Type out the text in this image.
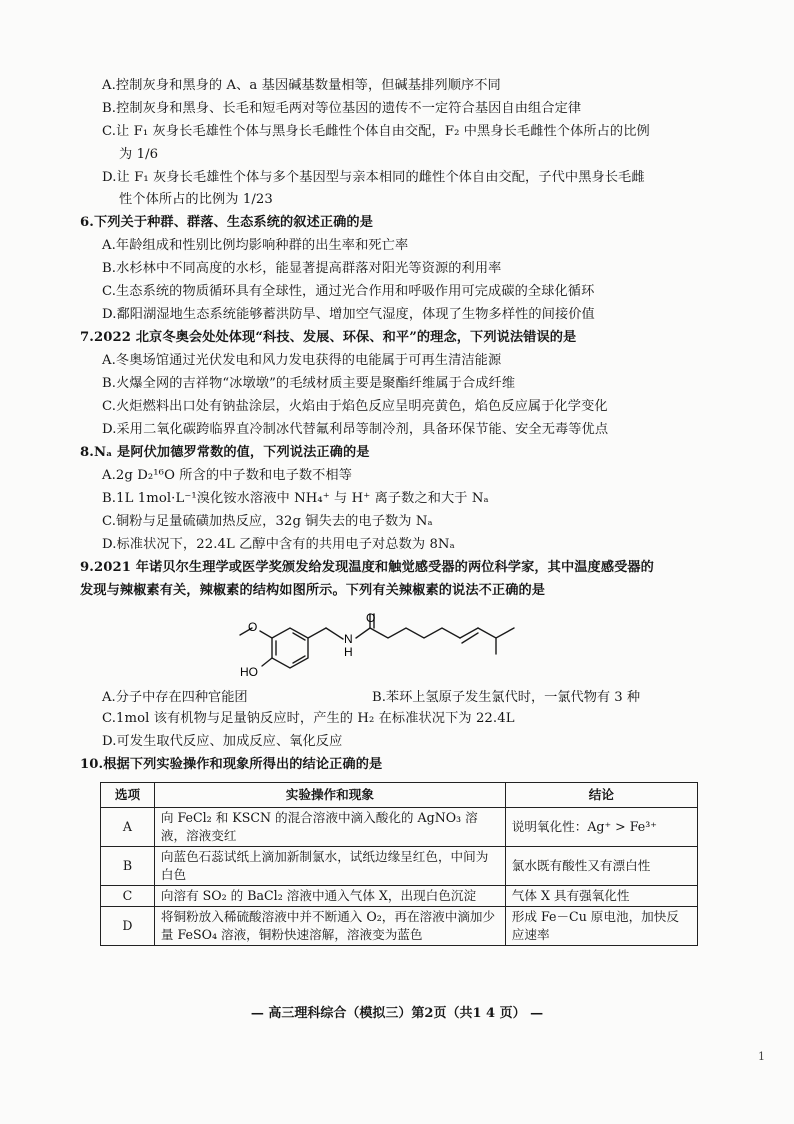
A.控制灰身和黑身的 A、a 基因碱基数量相等，但碱基排列顺序不同
B.控制灰身和黑身、长毛和短毛两对等位基因的遗传不一定符合基因自由组合定律
C.让 F₁ 灰身长毛雄性个体与黑身长毛雌性个体自由交配，F₂ 中黑身长毛雌性个体所占的比例
为 1/6
D.让 F₁ 灰身长毛雄性个体与多个基因型与亲本相同的雌性个体自由交配，子代中黑身长毛雌
性个体所占的比例为 1/23
6.下列关于种群、群落、生态系统的叙述正确的是
A.年龄组成和性别比例均影响种群的出生率和死亡率
B.水杉林中不同高度的水杉，能显著提高群落对阳光等资源的利用率
C.生态系统的物质循环具有全球性，通过光合作用和呼吸作用可完成碳的全球化循环
D.鄱阳湖湿地生态系统能够蓄洪防旱、增加空气湿度，体现了生物多样性的间接价值
7.2022 北京冬奥会处处体现“科技、发展、环保、和平”的理念，下列说法错误的是
A.冬奥场馆通过光伏发电和风力发电获得的电能属于可再生清洁能源
B.火爆全网的吉祥物“冰墩墩”的毛绒材质主要是聚酯纤维属于合成纤维
C.火炬燃料出口处有钠盐涂层，火焰由于焰色反应呈明亮黄色，焰色反应属于化学变化
D.采用二氧化碳跨临界直冷制冰代替氟利昂等制冷剂，具备环保节能、安全无毒等优点
8.Nₐ 是阿伏加德罗常数的值，下列说法正确的是
A.2g D₂¹⁶O 所含的中子数和电子数不相等
B.1L 1mol·L⁻¹溴化铵水溶液中 NH₄⁺ 与 H⁺ 离子数之和大于 Nₐ
C.铜粉与足量硫磺加热反应，32g 铜失去的电子数为 Nₐ
D.标准状况下，22.4L 乙醇中含有的共用电子对总数为 8Nₐ
9.2021 年诺贝尔生理学或医学奖颁发给发现温度和触觉感受器的两位科学家，其中温度感受器的
发现与辣椒素有关，辣椒素的结构如图所示。下列有关辣椒素的说法不正确的是
O
O
N
H
HO
A.分子中存在四种官能团	B.苯环上氢原子发生氯代时，一氯代物有 3 种
C.1mol 该有机物与足量钠反应时，产生的 H₂ 在标准状况下为 22.4L
D.可发生取代反应、加成反应、氧化反应
10.根据下列实验操作和现象所得出的结论正确的是
选项	实验操作和现象	结论
A	向 FeCl₂ 和 KSCN 的混合溶液中滴入酸化的 AgNO₃ 溶液，溶液变红	说明氧化性：Ag⁺ > Fe³⁺
B	向蓝色石蕊试纸上滴加新制氯水，试纸边缘呈红色，中间为白色	氯水既有酸性又有漂白性
C	向溶有 SO₂ 的 BaCl₂ 溶液中通入气体 X，出现白色沉淀	气体 X 具有强氧化性
D	将铜粉放入稀硫酸溶液中并不断通入 O₂，再在溶液中滴加少量 FeSO₄ 溶液，铜粉快速溶解，溶液变为蓝色	形成 Fe－Cu 原电池，加快反应速率
— 高三理科综合（模拟三）第2页（共1 4 页） —
1
